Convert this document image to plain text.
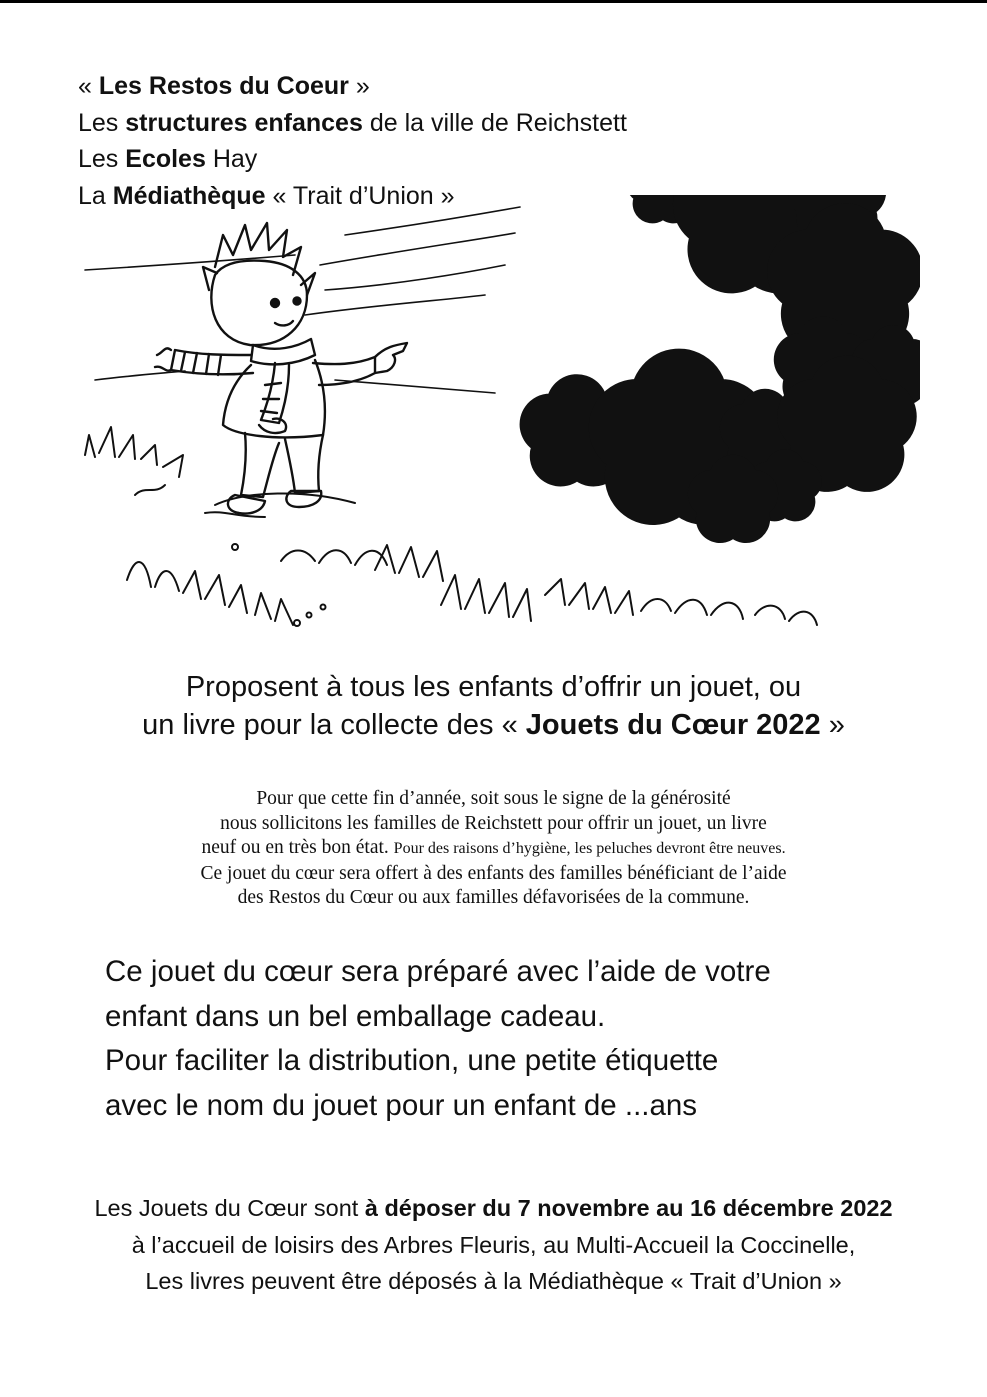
« Les Restos du Coeur »
Les structures enfances de la ville de Reichstett
Les Ecoles Hay
La Médiathèque « Trait d’Union »
Proposent à tous les enfants d’offrir un jouet, ou
un livre pour la collecte des « Jouets du Cœur 2022 »
Pour que cette fin d’année, soit sous le signe de la générosité
nous sollicitons les familles de Reichstett pour offrir un jouet, un livre
neuf ou en très bon état. Pour des raisons d’hygiène, les peluches devront être neuves.
Ce jouet du cœur sera offert à des enfants des familles bénéficiant de l’aide
des Restos du Cœur ou aux familles défavorisées de la commune.
Ce jouet du cœur sera préparé avec l’aide de votre
enfant dans un bel emballage cadeau.
Pour faciliter la distribution, une petite étiquette
avec le nom du jouet pour un enfant de ...ans
Les Jouets du Cœur sont à déposer du 7 novembre au 16 décembre 2022
à l’accueil de loisirs des Arbres Fleuris, au Multi-Accueil la Coccinelle,
Les livres peuvent être déposés à la Médiathèque « Trait d’Union »
